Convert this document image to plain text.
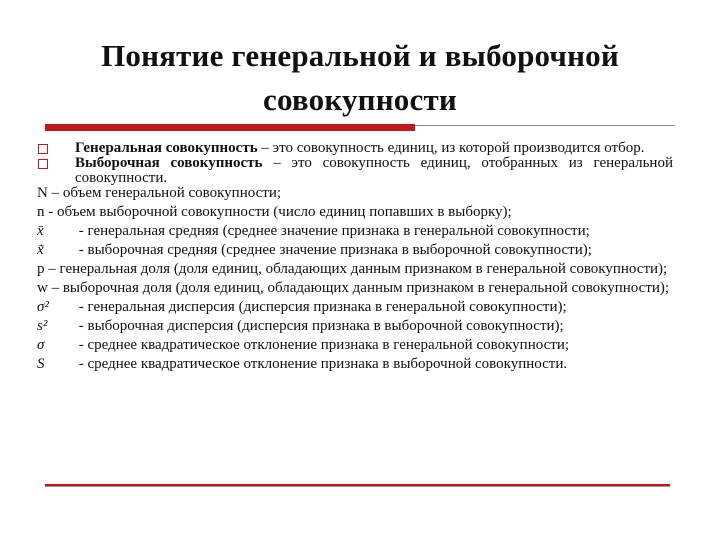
Понятие генеральной и выборочной совокупности

Генеральная совокупность – это совокупность единиц, из которой производится отбор.

Выборочная совокупность – это совокупность единиц, отобранных из генеральной совокупности.

N – объем генеральной совокупности;

n - объем выборочной совокупности (число единиц попавших в выборку);

x̄ - генеральная средняя (среднее значение признака в генеральной совокупности;

x̃ - выборочная средняя (среднее значение признака в выборочной совокупности);

p – генеральная доля (доля единиц, обладающих данным признаком в генеральной совокупности);

w – выборочная доля (доля единиц, обладающих данным признаком в генеральной совокупности);

σ² - генеральная дисперсия (дисперсия признака в генеральной совокупности);

s² - выборочная дисперсия (дисперсия признака в выборочной совокупности);

σ - среднее квадратическое отклонение признака в генеральной совокупности;

S - среднее квадратическое отклонение признака в выборочной совокупности.
